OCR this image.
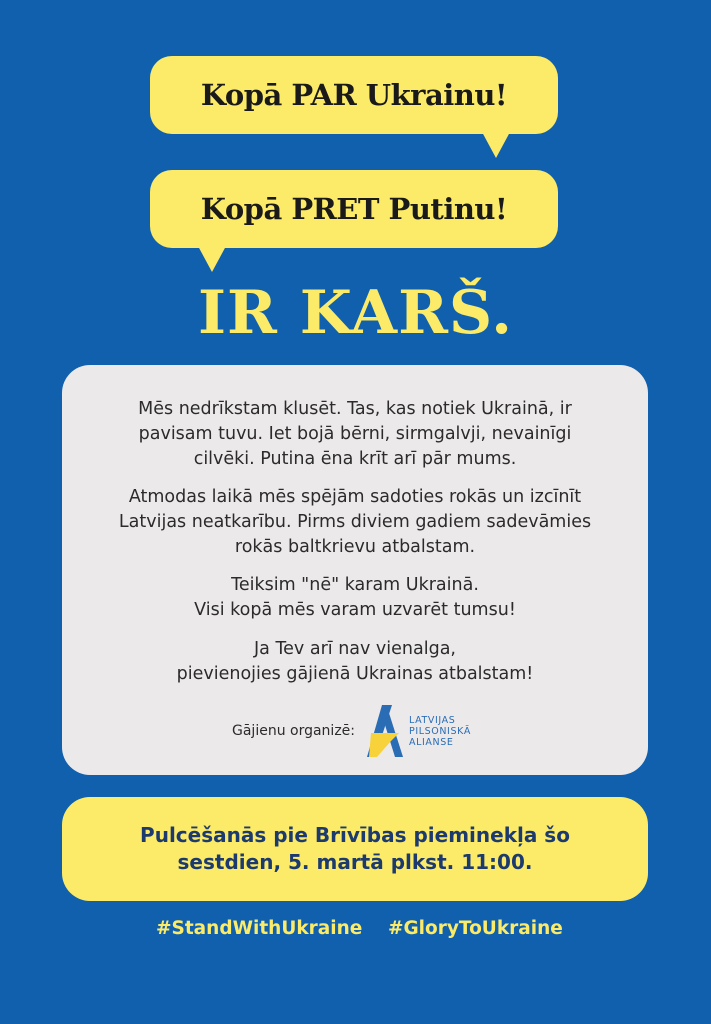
Kopā PAR Ukrainu!
Kopā PRET Putinu!
IR KARŠ.
Mēs nedrīkstam klusēt. Tas, kas notiek Ukrainā, ir
pavisam tuvu. Iet bojā bērni, sirmgalvji, nevainīgi
cilvēki. Putina ēna krīt arī pār mums.
Atmodas laikā mēs spējām sadoties rokās un izcīnīt
Latvijas neatkarību. Pirms diviem gadiem sadevāmies
rokās baltkrievu atbalstam.
Teiksim "nē" karam Ukrainā.
Visi kopā mēs varam uzvarēt tumsu!
Ja Tev arī nav vienalga,
pievienojies gājienā Ukrainas atbalstam!
Gājienu organizē:
LATVIJAS
PILSONISKĀ
ALIANSE
Pulcēšanās pie Brīvības pieminekļa šo
sestdien, 5. martā plkst. 11:00.
#StandWithUkraine #GloryToUkraine
